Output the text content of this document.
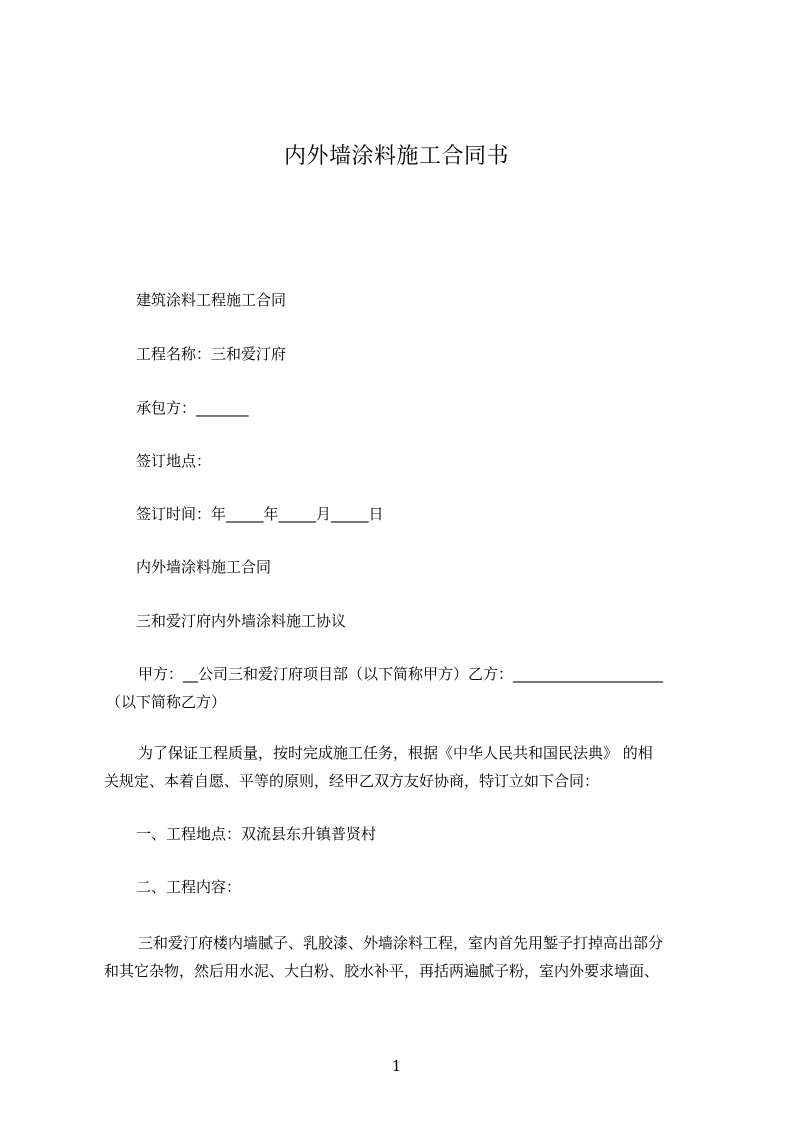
内外墙涂料施工合同书
建筑涂料工程施工合同
工程名称：三和爱汀府
承包方：_______
签订地点：
签订时间：年_____年_____月_____日
内外墙涂料施工合同
三和爱汀府内外墙涂料施工协议
甲方：__公司三和爱汀府项目部（以下简称甲方）乙方：____________________
（以下简称乙方）
为了保证工程质量，按时完成施工任务，根据《中华人民共和国民法典》 的相
关规定、本着自愿、平等的原则，经甲乙双方友好协商，特订立如下合同：
一、工程地点：双流县东升镇普贤村
二、工程内容：
三和爱汀府楼内墙腻子、乳胶漆、外墙涂料工程，室内首先用錾子打掉高出部分
和其它杂物，然后用水泥、大白粉、胶水补平，再括两遍腻子粉，室内外要求墙面、
1
